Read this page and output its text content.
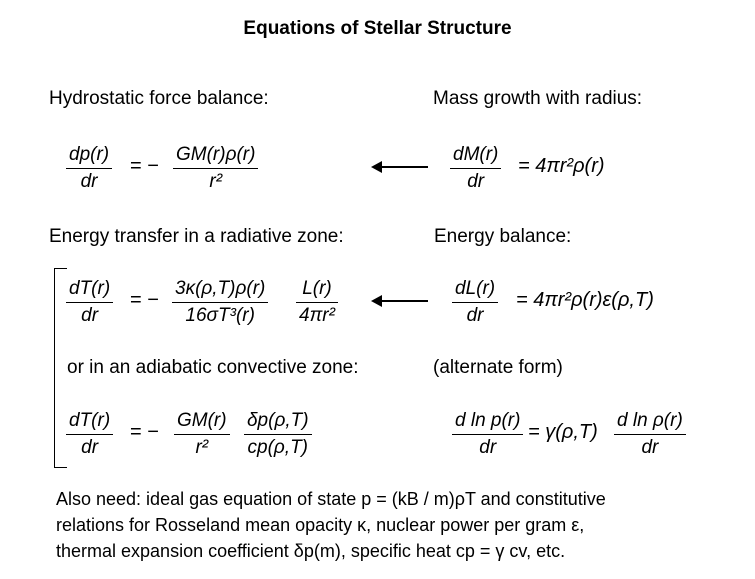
Equations of Stellar Structure
Hydrostatic force balance:	Mass growth with radius:
dp(r)
dr
= −
GM(r)ρ(r)
r²
dM(r)
dr
= 4πr²ρ(r)
Energy transfer in a radiative zone:	Energy balance:
dT(r)
dr
= −
3κ(ρ,T)ρ(r)
16σT³(r)
L(r)
4πr²
dL(r)
dr
= 4πr²ρ(r)ε(ρ,T)
or in an adiabatic convective zone:	(alternate form)
dT(r)
dr
= −
GM(r)
r²
δp(ρ,T)
cp(ρ,T)
d ln p(r)
dr
= γ(ρ,T)
d ln ρ(r)
dr
Also need: ideal gas equation of state p = (kB / m)ρT and constitutive
relations for Rosseland mean opacity κ, nuclear power per gram ε,
thermal expansion coefficient δp(m), specific heat cp = γ cv, etc.
